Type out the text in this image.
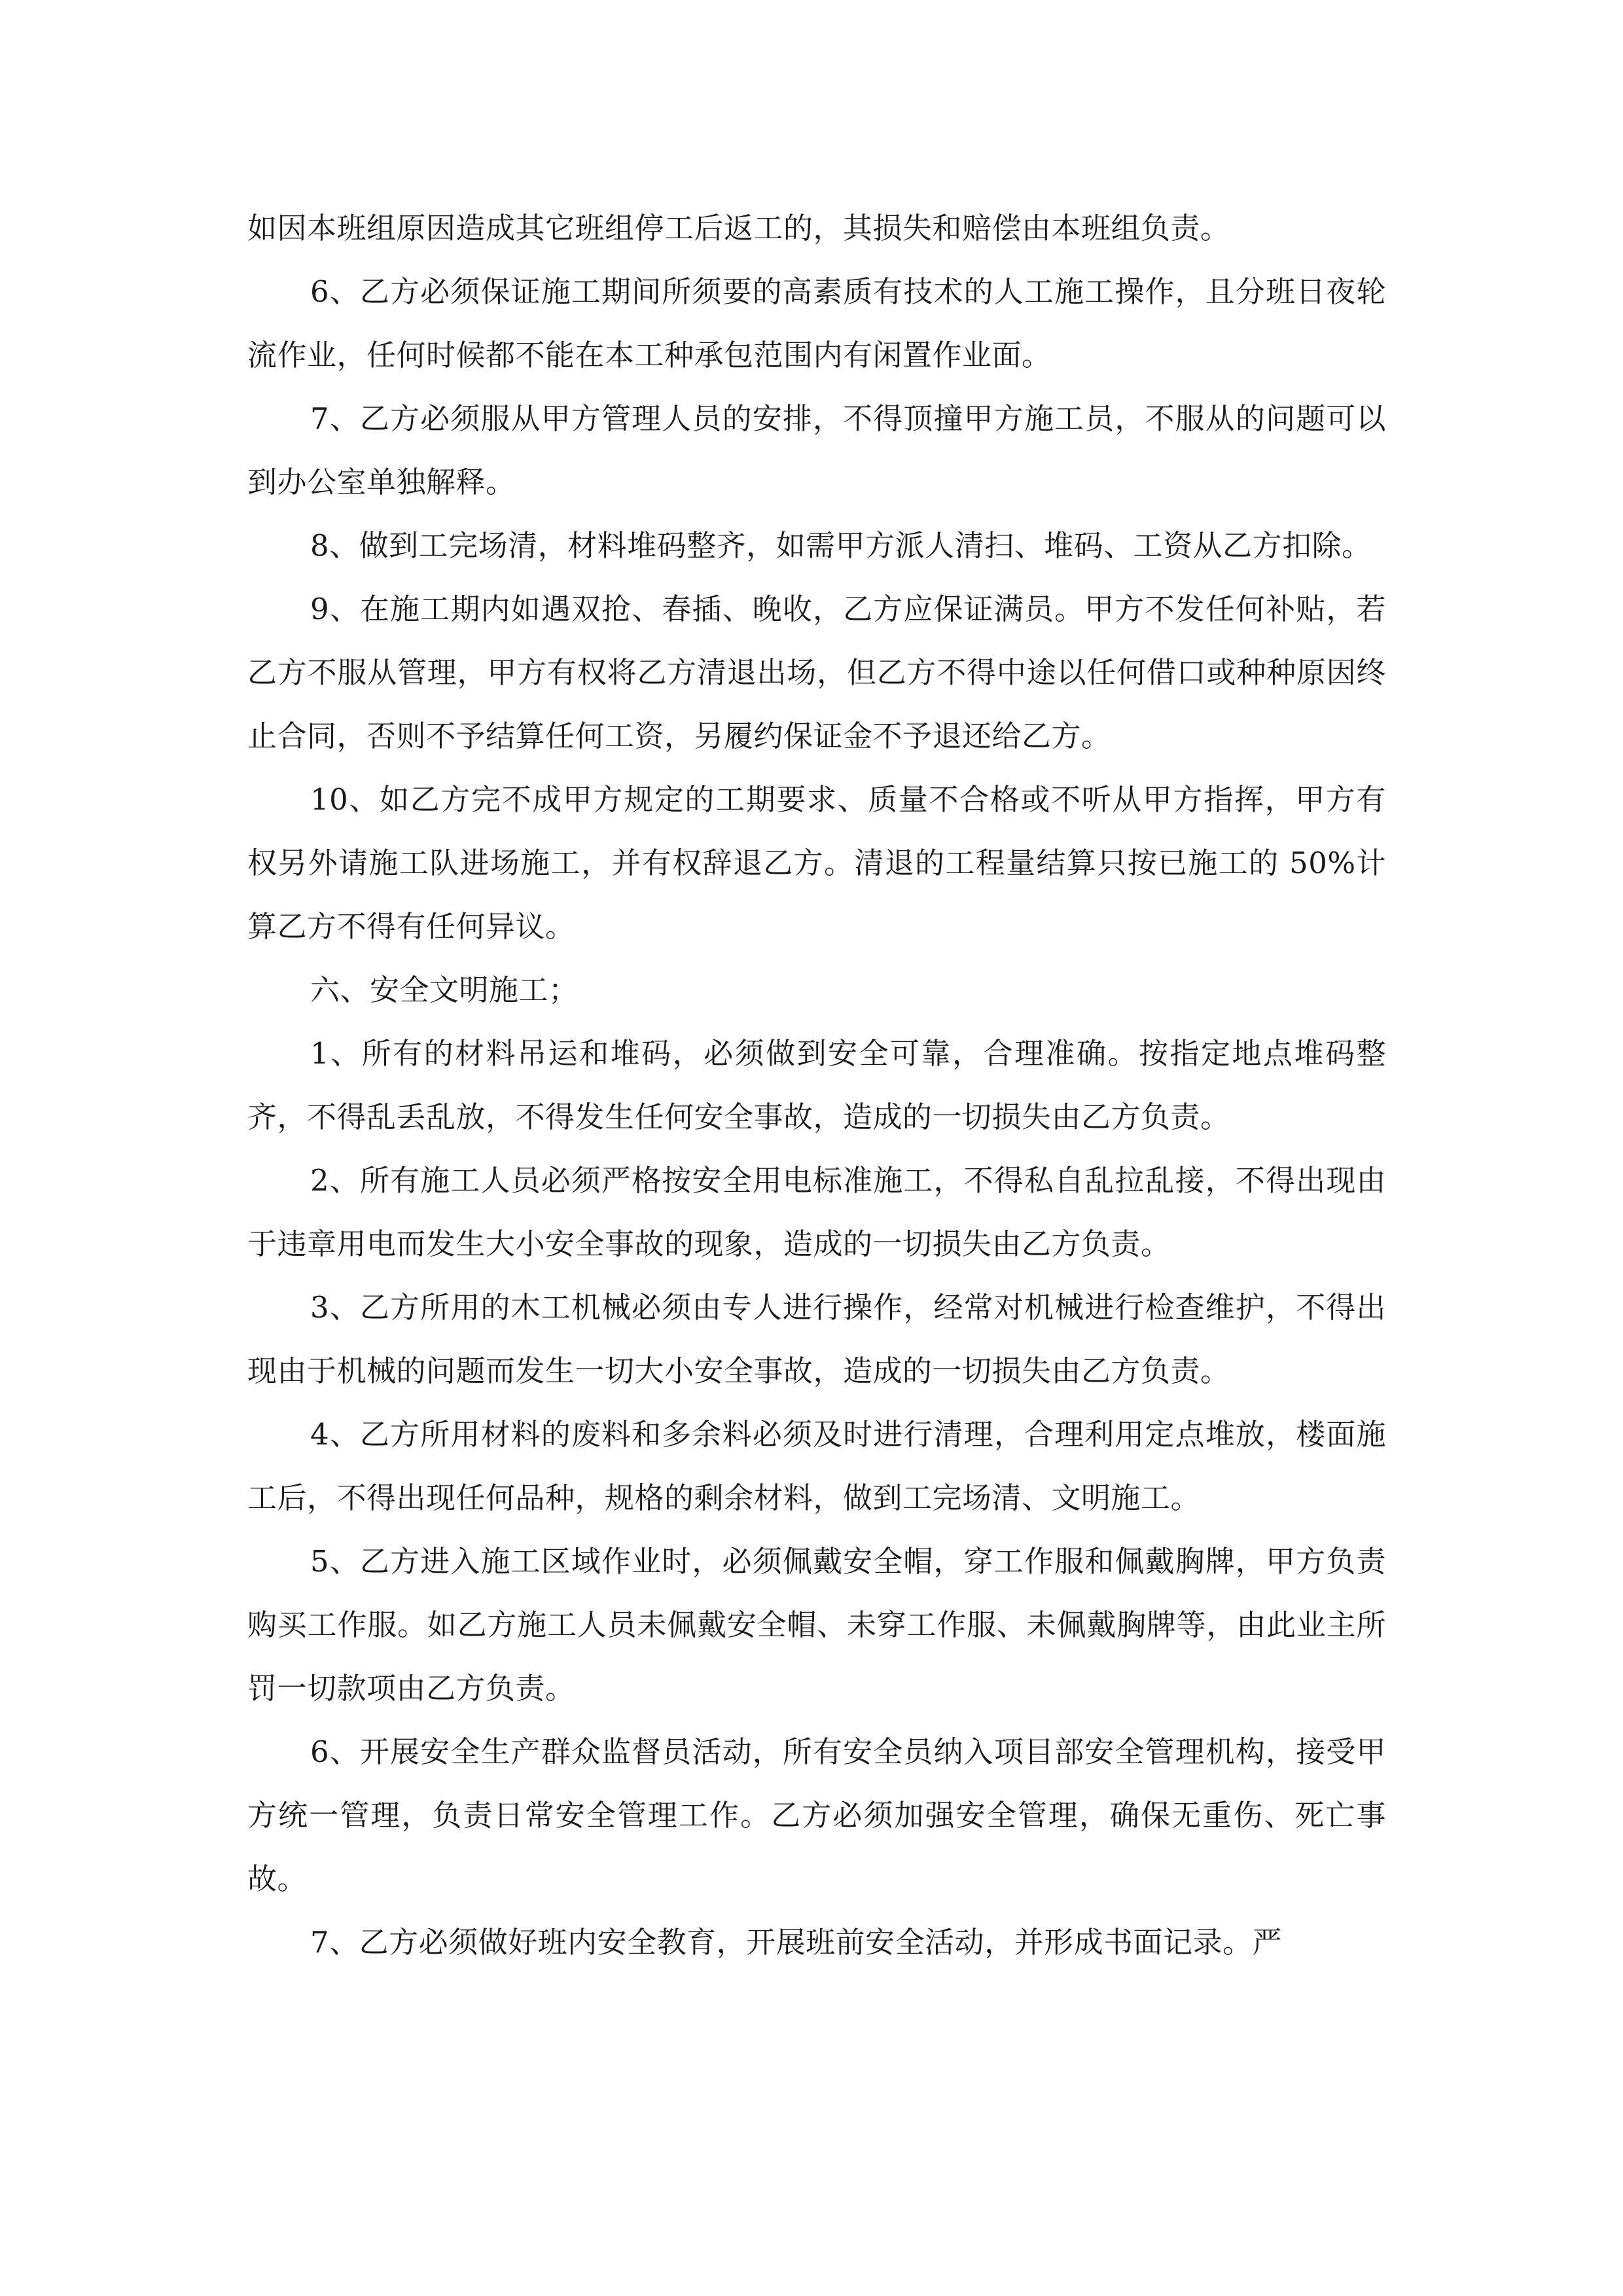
如因本班组原因造成其它班组停工后返工的，其损失和赔偿由本班组负责。

6、乙方必须保证施工期间所须要的高素质有技术的人工施工操作，且分班日夜轮流作业，任何时候都不能在本工种承包范围内有闲置作业面。

7、乙方必须服从甲方管理人员的安排，不得顶撞甲方施工员，不服从的问题可以到办公室单独解释。

8、做到工完场清，材料堆码整齐，如需甲方派人清扫、堆码、工资从乙方扣除。

9、在施工期内如遇双抢、春插、晚收，乙方应保证满员。甲方不发任何补贴，若乙方不服从管理，甲方有权将乙方清退出场，但乙方不得中途以任何借口或种种原因终止合同，否则不予结算任何工资，另履约保证金不予退还给乙方。

10、如乙方完不成甲方规定的工期要求、质量不合格或不听从甲方指挥，甲方有权另外请施工队进场施工，并有权辞退乙方。清退的工程量结算只按已施工的 50%计算乙方不得有任何异议。

六、安全文明施工；

1、所有的材料吊运和堆码，必须做到安全可靠，合理准确。按指定地点堆码整齐，不得乱丢乱放，不得发生任何安全事故，造成的一切损失由乙方负责。

2、所有施工人员必须严格按安全用电标准施工，不得私自乱拉乱接，不得出现由于违章用电而发生大小安全事故的现象，造成的一切损失由乙方负责。

3、乙方所用的木工机械必须由专人进行操作，经常对机械进行检查维护，不得出现由于机械的问题而发生一切大小安全事故，造成的一切损失由乙方负责。

4、乙方所用材料的废料和多余料必须及时进行清理，合理利用定点堆放，楼面施工后，不得出现任何品种，规格的剩余材料，做到工完场清、文明施工。

5、乙方进入施工区域作业时，必须佩戴安全帽，穿工作服和佩戴胸牌，甲方负责购买工作服。如乙方施工人员未佩戴安全帽、未穿工作服、未佩戴胸牌等，由此业主所罚一切款项由乙方负责。

6、开展安全生产群众监督员活动，所有安全员纳入项目部安全管理机构，接受甲方统一管理，负责日常安全管理工作。乙方必须加强安全管理，确保无重伤、死亡事故。

7、乙方必须做好班内安全教育，开展班前安全活动，并形成书面记录。严
